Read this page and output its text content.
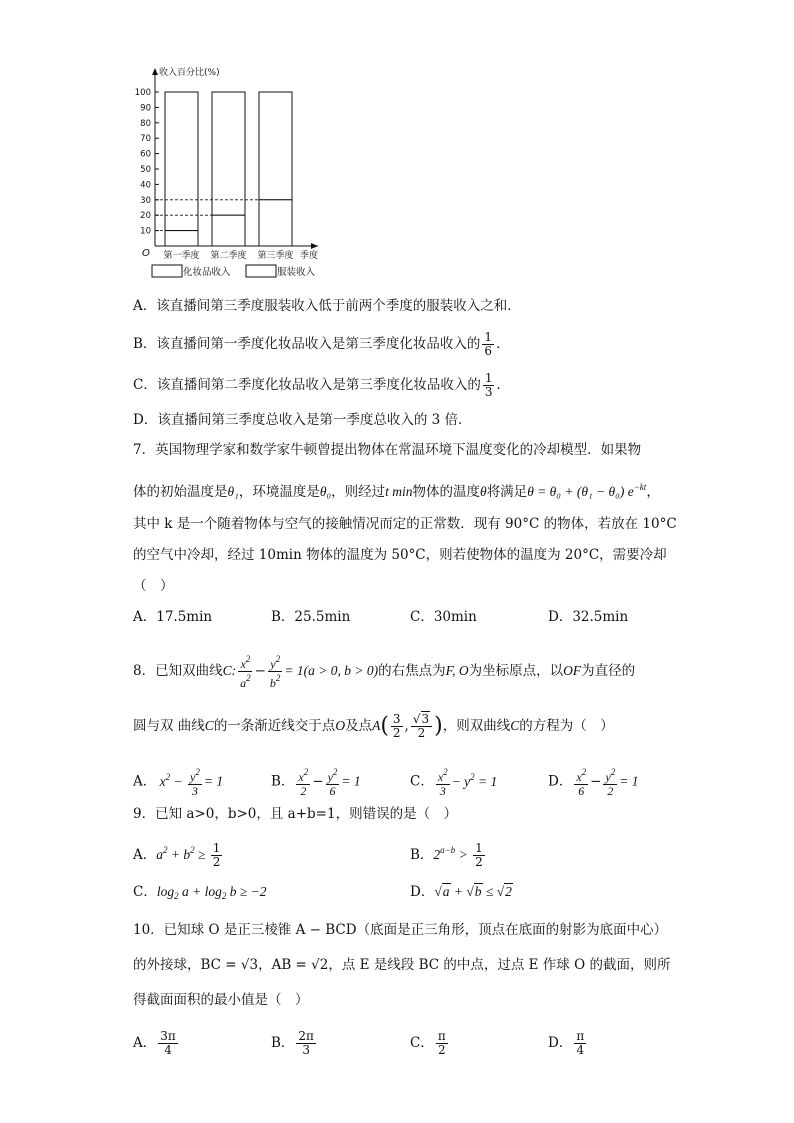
收入百分比(%)
O
10
20
30
40
50
60
70
80
90
100
第一季度 第二季度 第三季度 季度
化妆品收入	服装收入
A．该直播间第三季度服装收入低于前两个季度的服装收入之和．
B．该直播间第一季度化妆品收入是第三季度化妆品收入的 $\frac{1}{6}$ ．
C．该直播间第二季度化妆品收入是第三季度化妆品收入的 $\frac{1}{3}$ ．
D．该直播间第三季度总收入是第一季度总收入的 3 倍．
7．英国物理学家和数学家牛顿曾提出物体在常温环境下温度变化的冷却模型．如果物
体的初始温度是θ₁，环境温度是θ₀，则经过t min物体的温度θ将满足θ = θ₀ + (θ₁ − θ₀) $e^{-kt}$，
其中 k 是一个随着物体与空气的接触情况而定的正常数．现有 90°C 的物体，若放在 10°C
的空气中冷却，经过 10min 物体的温度为 50°C，则若使物体的温度为 20°C，需要冷却
（　）
A．17.5min	B．25.5min	C．30min	D．32.5min
8．已知双曲线C: $\frac{x^2}{a^2} - \frac{y^2}{b^2} = 1(a > 0$, b > 0)的右焦点为F, O为坐标原点，以OF为直径的
圆与双 曲线C的一条渐近线交于点O及点$A( \frac{3}{2}$ , $\frac{√3}{2}$ )，则双曲线C的方程为（　）
A． $x^2 - \frac{y^2}{3} = 1$	B． $\frac{x^2}{2} - \frac{y^2}{6} = 1$	C． $\frac{x^2}{3} - y^2 = 1$	D． $\frac{x^2}{6} - \frac{y^2}{2} = 1$
9．已知 a>0，b>0，且 a+b=1，则错误的是（　）
A．$a^2 + b^2 \ge \frac{1}{2}$	B．$2^{a-b} > \frac{1}{2}$
C．$\log_2 a + \log_2 b \ge -2$	D．√a + √b ≤ √2
10．已知球 O 是正三棱锥 A − BCD（底面是正三角形，顶点在底面的射影为底面中心）
的外接球，BC = √3，AB = √2，点 E 是线段 BC 的中点，过点 E 作球 O 的截面，则所
得截面面积的最小值是（　）
A． $\frac{3\pi}{4}$	B． $\frac{2\pi}{3}$	C． $\frac{\pi}{2}$	D． $\frac{\pi}{4}$
